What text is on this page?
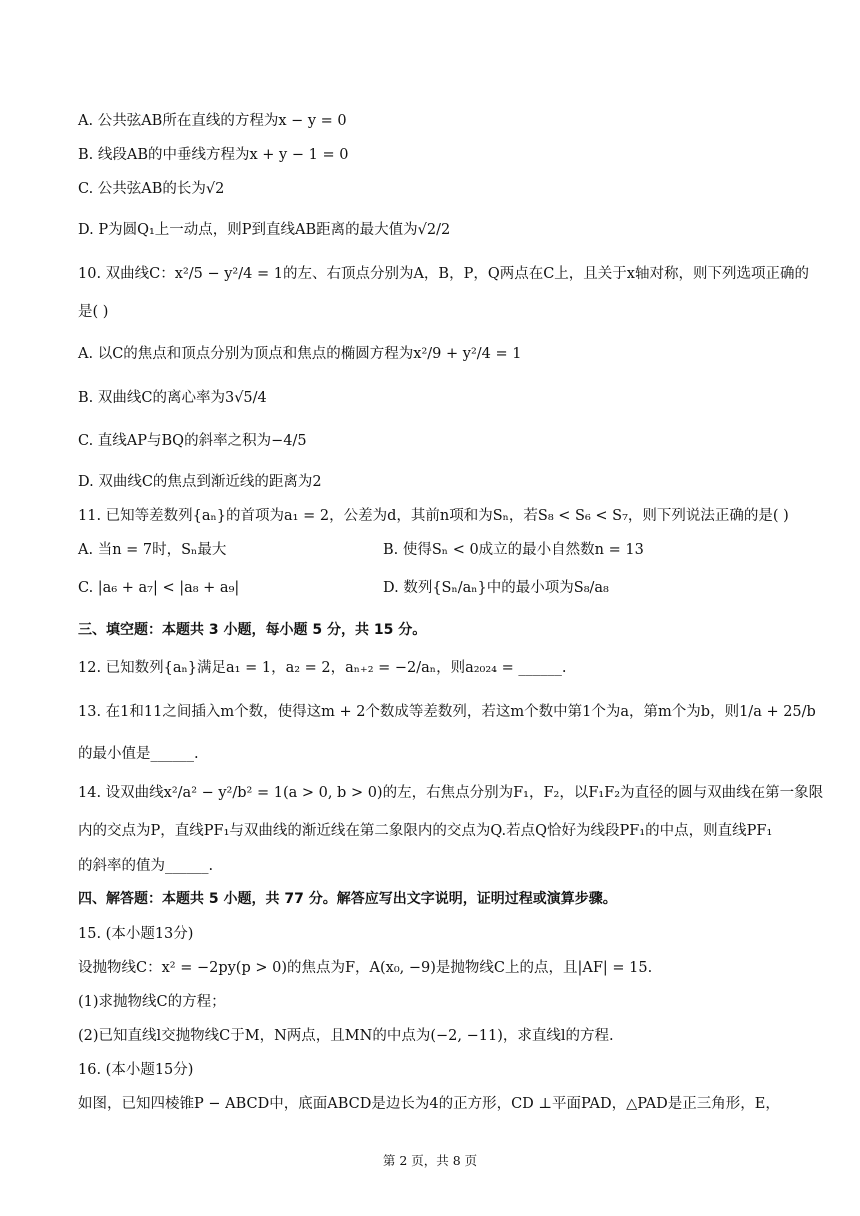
A. 公共弦AB所在直线的方程为x − y = 0
B. 线段AB的中垂线方程为x + y − 1 = 0
C. 公共弦AB的长为√2
D. P为圆Q₁上一动点，则P到直线AB距离的最大值为√2/2
10. 双曲线C：x²/5 − y²/4 = 1的左、右顶点分别为A，B，P，Q两点在C上，且关于x轴对称，则下列选项正确的
是( )
A. 以C的焦点和顶点分别为顶点和焦点的椭圆方程为x²/9 + y²/4 = 1
B. 双曲线C的离心率为3√5/4
C. 直线AP与BQ的斜率之积为−4/5
D. 双曲线C的焦点到渐近线的距离为2
11. 已知等差数列{aₙ}的首项为a₁ = 2，公差为d，其前n项和为Sₙ，若S₈ < S₆ < S₇，则下列说法正确的是( )
A. 当n = 7时，Sₙ最大	B. 使得Sₙ < 0成立的最小自然数n = 13
C. |a₆ + a₇| < |a₈ + a₉|	D. 数列{Sₙ/aₙ}中的最小项为S₈/a₈
三、填空题：本题共 3 小题，每小题 5 分，共 15 分。
12. 已知数列{aₙ}满足a₁ = 1，a₂ = 2，aₙ₊₂ = −2/aₙ，则a₂₀₂₄ = ______.
13. 在1和11之间插入m个数，使得这m + 2个数成等差数列，若这m个数中第1个为a，第m个为b，则1/a + 25/b
的最小值是______.
14. 设双曲线x²/a² − y²/b² = 1(a > 0, b > 0)的左，右焦点分别为F₁，F₂，以F₁F₂为直径的圆与双曲线在第一象限
内的交点为P，直线PF₁与双曲线的渐近线在第二象限内的交点为Q.若点Q恰好为线段PF₁的中点，则直线PF₁
的斜率的值为______.
四、解答题：本题共 5 小题，共 77 分。解答应写出文字说明，证明过程或演算步骤。
15. (本小题13分)
设抛物线C：x² = −2py(p > 0)的焦点为F，A(x₀, −9)是抛物线C上的点，且|AF| = 15.
(1)求抛物线C的方程；
(2)已知直线l交抛物线C于M，N两点，且MN的中点为(−2, −11)，求直线l的方程.
16. (本小题15分)
如图，已知四棱锥P − ABCD中，底面ABCD是边长为4的正方形，CD ⊥平面PAD，△PAD是正三角形，E，
第 2 页，共 8 页
